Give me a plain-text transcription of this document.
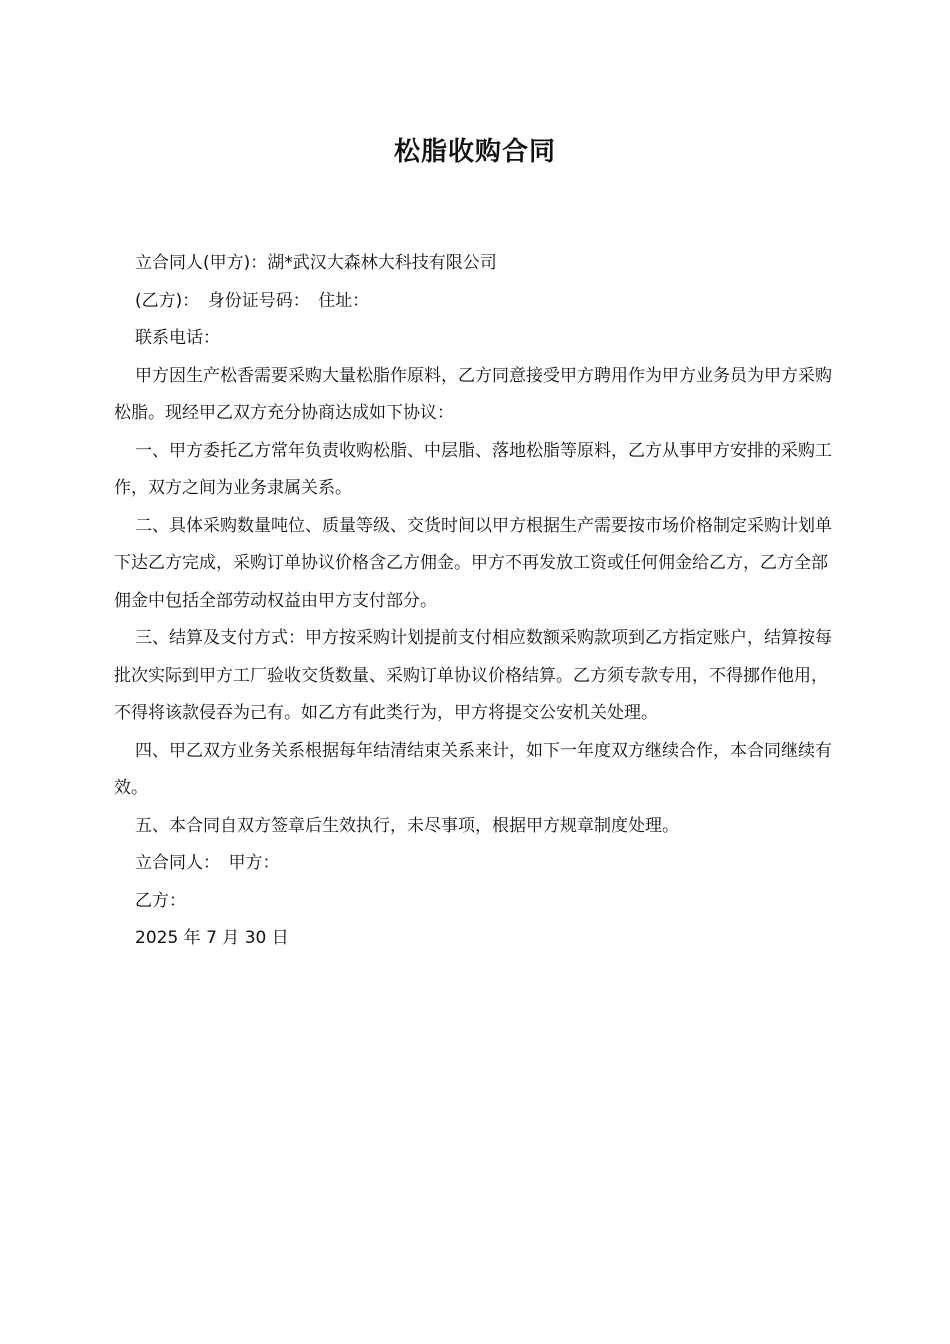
松脂收购合同

立合同人(甲方)：湖*武汉大森林大科技有限公司

(乙方)：　身份证号码：　住址：

联系电话：

甲方因生产松香需要采购大量松脂作原料，乙方同意接受甲方聘用作为甲方业务员为甲方采购松脂。现经甲乙双方充分协商达成如下协议：

一、甲方委托乙方常年负责收购松脂、中层脂、落地松脂等原料，乙方从事甲方安排的采购工作，双方之间为业务隶属关系。

二、具体采购数量吨位、质量等级、交货时间以甲方根据生产需要按市场价格制定采购计划单下达乙方完成，采购订单协议价格含乙方佣金。甲方不再发放工资或任何佣金给乙方，乙方全部佣金中包括全部劳动权益由甲方支付部分。

三、结算及支付方式：甲方按采购计划提前支付相应数额采购款项到乙方指定账户，结算按每批次实际到甲方工厂验收交货数量、采购订单协议价格结算。乙方须专款专用，不得挪作他用，不得将该款侵吞为己有。如乙方有此类行为，甲方将提交公安机关处理。

四、甲乙双方业务关系根据每年结清结束关系来计，如下一年度双方继续合作，本合同继续有效。

五、本合同自双方签章后生效执行，未尽事项，根据甲方规章制度处理。

立合同人：　甲方：

乙方：

2025 年 7 月 30 日
